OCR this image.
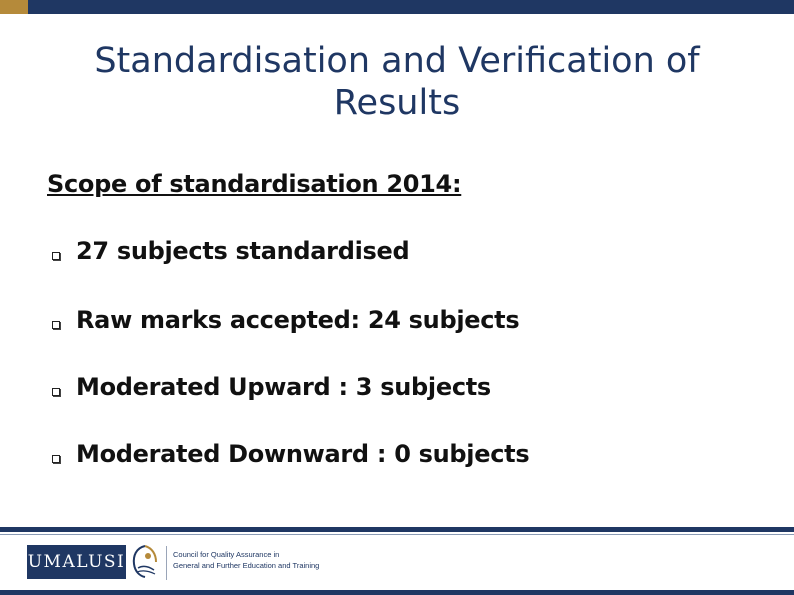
Standardisation and Verification of Results
Scope of standardisation 2014:
27 subjects standardised
Raw marks accepted: 24 subjects
Moderated Upward : 3 subjects
Moderated Downward : 0 subjects
UMALUSI	Council for Quality Assurance in
General and Further Education and Training
